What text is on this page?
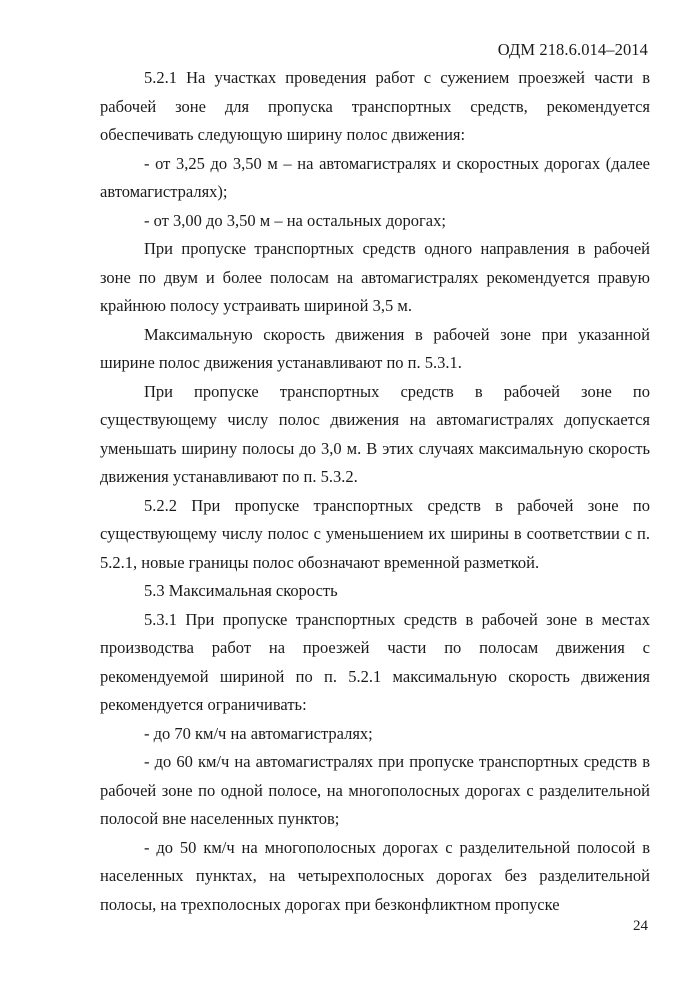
ОДМ 218.6.014–2014

5.2.1 На участках проведения работ с сужением проезжей части в рабочей зоне для пропуска транспортных средств, рекомендуется обеспечивать следующую ширину полос движения:

- от 3,25 до 3,50 м – на автомагистралях и скоростных дорогах (далее автомагистралях);

- от 3,00 до 3,50 м – на остальных дорогах;

При пропуске транспортных средств одного направления в рабочей зоне по двум и более полосам на автомагистралях рекомендуется правую крайнюю полосу устраивать шириной 3,5 м.

Максимальную скорость движения в рабочей зоне при указанной ширине полос движения устанавливают по п. 5.3.1.

При пропуске транспортных средств в рабочей зоне по существующему числу полос движения на автомагистралях допускается уменьшать ширину полосы до 3,0 м. В этих случаях максимальную скорость движения устанавливают по п. 5.3.2.

5.2.2 При пропуске транспортных средств в рабочей зоне по существующему числу полос с уменьшением их ширины в соответствии с п. 5.2.1, новые границы полос обозначают временной разметкой.

5.3 Максимальная скорость

5.3.1 При пропуске транспортных средств в рабочей зоне в местах производства работ на проезжей части по полосам движения с рекомендуемой шириной по п. 5.2.1 максимальную скорость движения рекомендуется ограничивать:

- до 70 км/ч на автомагистралях;

- до 60 км/ч на автомагистралях при пропуске транспортных средств в рабочей зоне по одной полосе, на многополосных дорогах с разделительной полосой вне населенных пунктов;

- до 50 км/ч на многополосных дорогах с разделительной полосой в населенных пунктах, на четырехполосных дорогах без разделительной полосы, на трехполосных дорогах при безконфликтном пропуске

24
